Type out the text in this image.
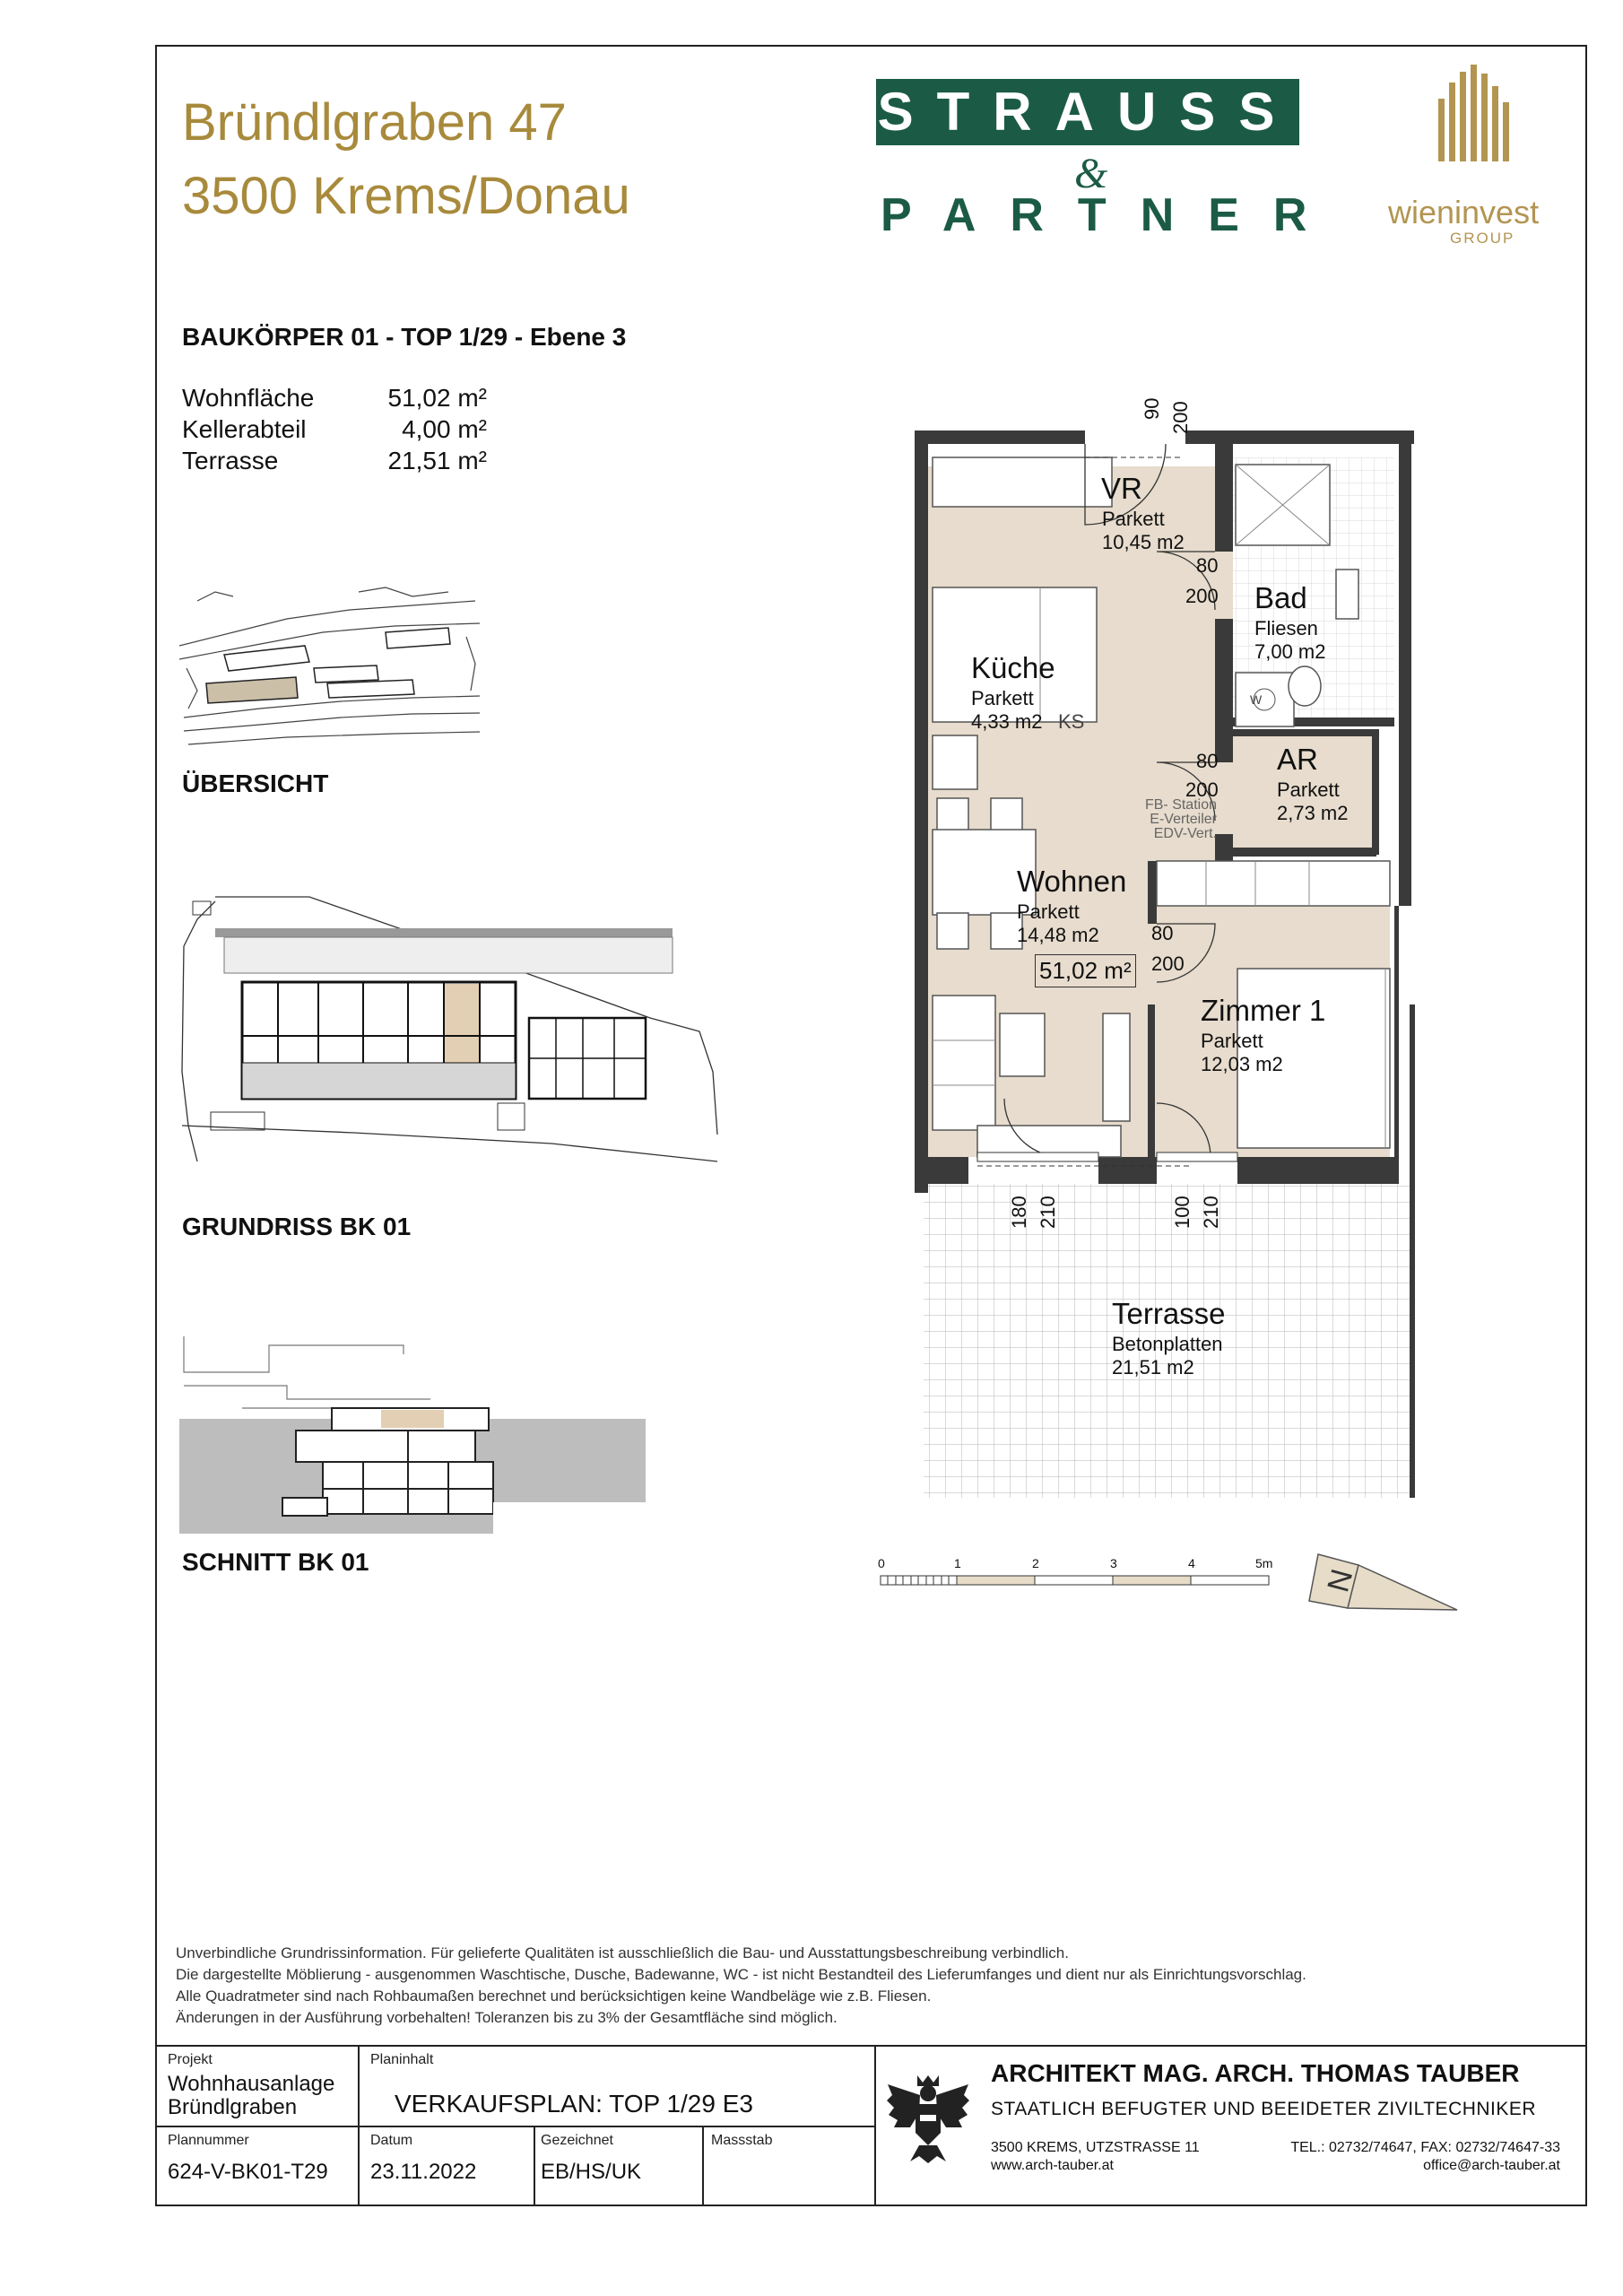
Bründlgraben 47
3500 Krems/Donau
STRAUSS
&
PARTNER wieninvest
GROUP
BAUKÖRPER 01 - TOP 1/29 - Ebene 3
Wohnfläche	51,02 m²
Kellerabteil	4,00 m²
Terrasse	21,51 m²
ÜBERSICHT
GRUNDRISS BK 01
SCHNITT BK 01
VR
Parkett
10,45 m2
Bad
Fliesen
7,00 m2
Küche
Parkett
4,33 m2 KS
W
AR
Parkett
2,73 m2
FB- Station
E-Verteiler
EDV-Vert.
Wohnen
Parkett
14,48 m2
51,02 m²
Zimmer 1
Parkett
12,03 m2
Terrasse
Betonplatten
21,51 m2
90 200
80
200
80
200
80
200
180 210	100 210
0	1	2	3	4	5m
N
Unverbindliche Grundrissinformation. Für gelieferte Qualitäten ist ausschließlich die Bau- und Ausstattungsbeschreibung verbindlich.
Die dargestellte Möblierung - ausgenommen Waschtische, Dusche, Badewanne, WC - ist nicht Bestandteil des Lieferumfanges und dient nur als Einrichtungsvorschlag.
Alle Quadratmeter sind nach Rohbaumaßen berechnet und berücksichtigen keine Wandbeläge wie z.B. Fliesen.
Änderungen in der Ausführung vorbehalten! Toleranzen bis zu 3% der Gesamtfläche sind möglich.
Projekt
Wohnhausanlage
Bründlgraben
Planinhalt
VERKAUFSPLAN: TOP 1/29 E3
Plannummer
624-V-BK01-T29
Datum
23.11.2022
Gezeichnet
EB/HS/UK
Massstab
ARCHITEKT MAG. ARCH. THOMAS TAUBER
STAATLICH BEFUGTER UND BEEIDETER ZIVILTECHNIKER
3500 KREMS, UTZSTRASSE 11
www.arch-tauber.at
TEL.: 02732/74647, FAX: 02732/74647-33
office@arch-tauber.at
